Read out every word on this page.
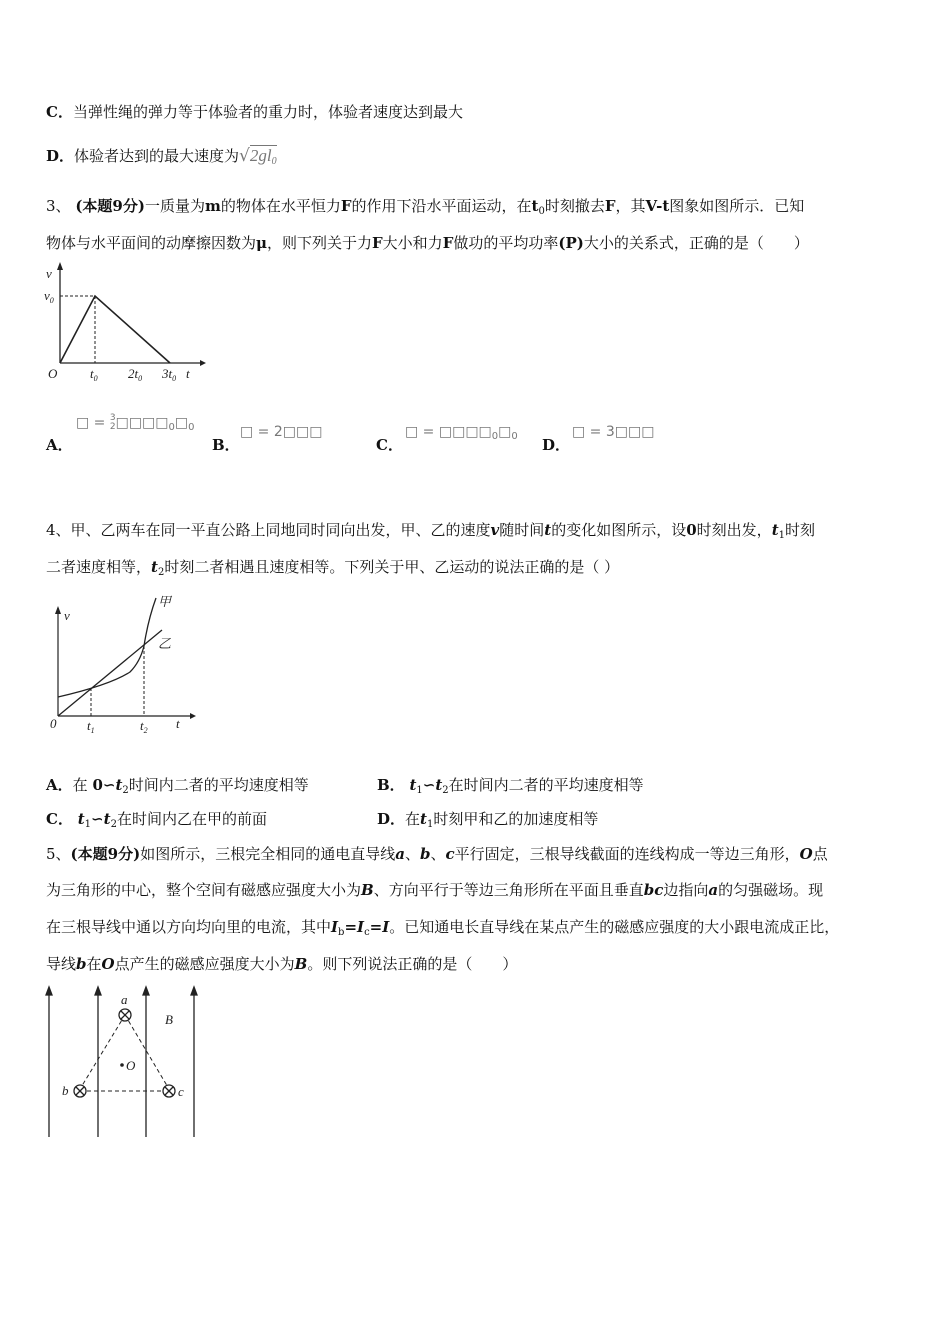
C．当弹性绳的弹力等于体验者的重力时，体验者速度达到最大
D．体验者达到的最大速度为$√2gl_0$
3、 (本题9分)一质量为m的物体在水平恒力F的作用下沿水平面运动，在$t_0$时刻撤去F，其V-t图象如图所示．已知
物体与水平面间的动摩擦因数为μ，则下列关于力F大小和力F做功的平均功率(P)大小的关系式，正确的是（　　）
v
$v_0$
O	$t_0$ $2t_0$ $3t_0$ t
A．
□ = 3
$2□□□□_0□_0$
B．
□ = 2□□□
C．
□ = $□□□□_0□_0$ D．
□ = 3□□□
4、甲、乙两车在同一平直公路上同地同时同向出发，甲、乙的速度v随时间t的变化如图所示，设0时刻出发，$t_1$时刻
二者速度相等，$t_2$时刻二者相遇且速度相等。下列关于甲、乙运动的说法正确的是（ ）
v
甲
乙
0 $t_1$	$t_2$ t
A．在 $0∽t_2$时间内二者的平均速度相等	B． $t_1∽t_2$在时间内二者的平均速度相等
C． $t_1∽t_2$在时间内乙在甲的前面	D．在$t_1$时刻甲和乙的加速度相等
5、(本题9分)如图所示，三根完全相同的通电直导线a、b、c平行固定，三根导线截面的连线构成一等边三角形，O点
为三角形的中心，整个空间有磁感应强度大小为B、方向平行于等边三角形所在平面且垂直bc边指向a的匀强磁场。现
在三根导线中通以方向均向里的电流，其中$I_b=I_c=I$。已知通电长直导线在某点产生的磁感应强度的大小跟电流成正比，
导线b在O点产生的磁感应强度大小为B。则下列说法正确的是（　　）
a
b	c
O
B
